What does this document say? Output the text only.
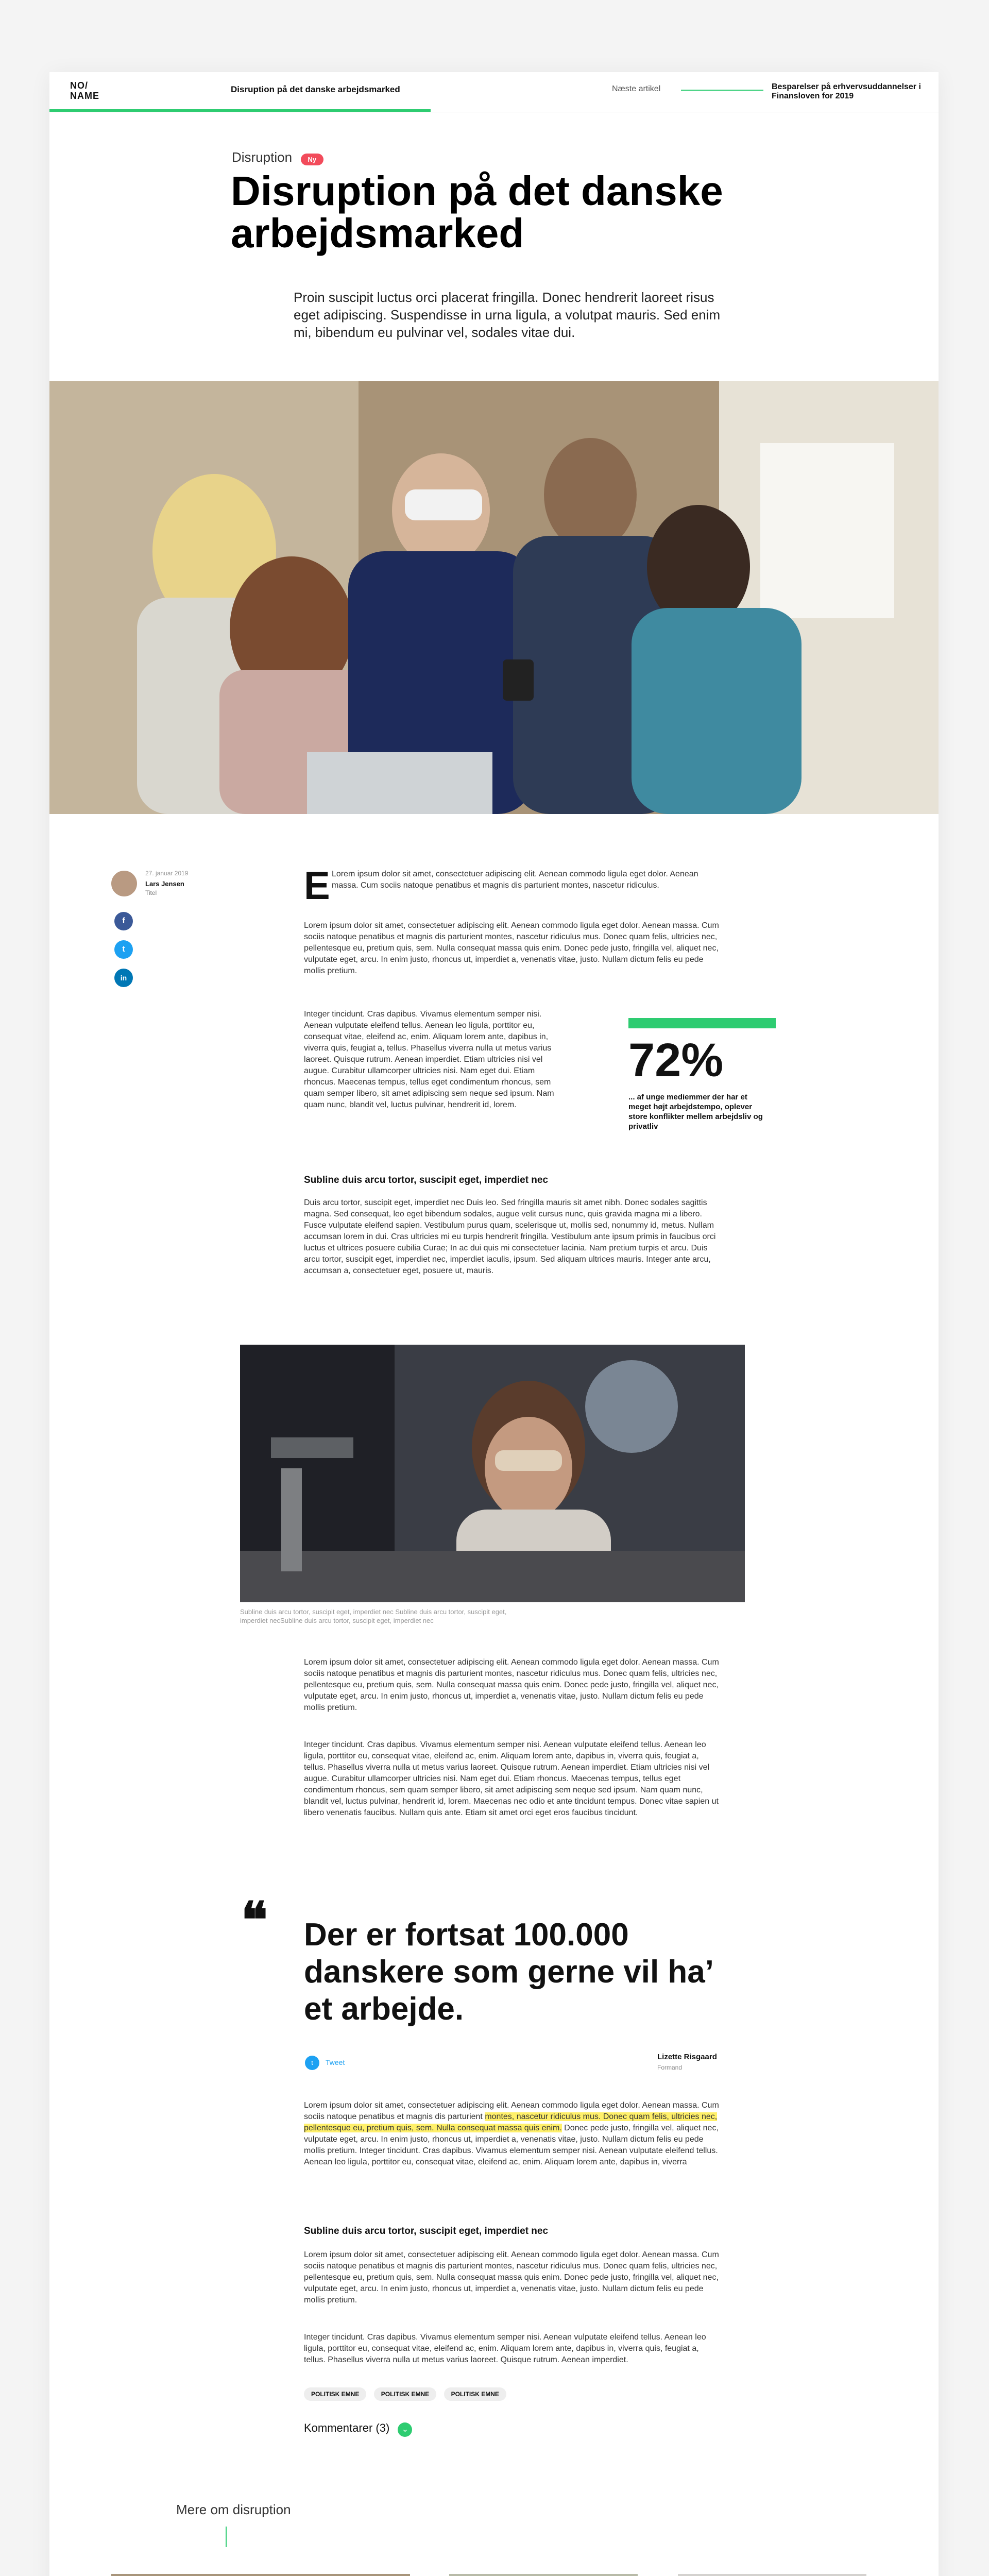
NO/
NAME
Disruption på det danske arbejdsmarked	Næste artikel	Besparelser på erhvervsuddannelser i Finansloven for 2019
Disruption Ny
Disruption på det danske arbejdsmarked

Proin suscipit luctus orci placerat fringilla. Donec hendrerit laoreet risus eget adipiscing. Suspendisse in urna ligula, a volutpat mauris. Sed enim mi, bibendum eu pulvinar vel, sodales vitae dui.

27. januar 2019
Lars Jensen
Titel
f
t
in
E Lorem ipsum dolor sit amet, consectetuer adipiscing elit. Aenean commodo ligula eget dolor. Aenean massa. Cum sociis natoque penatibus et magnis dis parturient montes, nascetur ridiculus.

Lorem ipsum dolor sit amet, consectetuer adipiscing elit. Aenean commodo ligula eget dolor. Aenean massa. Cum sociis natoque penatibus et magnis dis parturient montes, nascetur ridiculus mus. Donec quam felis, ultricies nec, pellentesque eu, pretium quis, sem. Nulla consequat massa quis enim. Donec pede justo, fringilla vel, aliquet nec, vulputate eget, arcu. In enim justo, rhoncus ut, imperdiet a, venenatis vitae, justo. Nullam dictum felis eu pede mollis pretium.

Integer tincidunt. Cras dapibus. Vivamus elementum semper nisi. Aenean vulputate eleifend tellus. Aenean leo ligula, porttitor eu, consequat vitae, eleifend ac, enim. Aliquam lorem ante, dapibus in, viverra quis, feugiat a, tellus. Phasellus viverra nulla ut metus varius laoreet. Quisque rutrum. Aenean imperdiet. Etiam ultricies nisi vel augue. Curabitur ullamcorper ultricies nisi. Nam eget dui. Etiam rhoncus. Maecenas tempus, tellus eget condimentum rhoncus, sem quam semper libero, sit amet adipiscing sem neque sed ipsum. Nam quam nunc, blandit vel, luctus pulvinar, hendrerit id, lorem.

72%
... af unge mediemmer der har et meget højt arbejdstempo, oplever store konflikter mellem arbejdsliv og privatliv
Subline duis arcu tortor, suscipit eget, imperdiet nec

Duis arcu tortor, suscipit eget, imperdiet nec Duis leo. Sed fringilla mauris sit amet nibh. Donec sodales sagittis magna. Sed consequat, leo eget bibendum sodales, augue velit cursus nunc, quis gravida magna mi a libero. Fusce vulputate eleifend sapien. Vestibulum purus quam, scelerisque ut, mollis sed, nonummy id, metus. Nullam accumsan lorem in dui. Cras ultricies mi eu turpis hendrerit fringilla. Vestibulum ante ipsum primis in faucibus orci luctus et ultrices posuere cubilia Curae; In ac dui quis mi consectetuer lacinia. Nam pretium turpis et arcu. Duis arcu tortor, suscipit eget, imperdiet nec, imperdiet iaculis, ipsum. Sed aliquam ultrices mauris. Integer ante arcu, accumsan a, consectetuer eget, posuere ut, mauris.

Subline duis arcu tortor, suscipit eget, imperdiet nec Subline duis arcu tortor, suscipit eget, imperdiet necSubline duis arcu tortor, suscipit eget, imperdiet nec

Lorem ipsum dolor sit amet, consectetuer adipiscing elit. Aenean commodo ligula eget dolor. Aenean massa. Cum sociis natoque penatibus et magnis dis parturient montes, nascetur ridiculus mus. Donec quam felis, ultricies nec, pellentesque eu, pretium quis, sem. Nulla consequat massa quis enim. Donec pede justo, fringilla vel, aliquet nec, vulputate eget, arcu. In enim justo, rhoncus ut, imperdiet a, venenatis vitae, justo. Nullam dictum felis eu pede mollis pretium.

Integer tincidunt. Cras dapibus. Vivamus elementum semper nisi. Aenean vulputate eleifend tellus. Aenean leo ligula, porttitor eu, consequat vitae, eleifend ac, enim. Aliquam lorem ante, dapibus in, viverra quis, feugiat a, tellus. Phasellus viverra nulla ut metus varius laoreet. Quisque rutrum. Aenean imperdiet. Etiam ultricies nisi vel augue. Curabitur ullamcorper ultricies nisi. Nam eget dui. Etiam rhoncus. Maecenas tempus, tellus eget condimentum rhoncus, sem quam semper libero, sit amet adipiscing sem neque sed ipsum. Nam quam nunc, blandit vel, luctus pulvinar, hendrerit id, lorem. Maecenas nec odio et ante tincidunt tempus. Donec vitae sapien ut libero venenatis faucibus. Nullam quis ante. Etiam sit amet orci eget eros faucibus tincidunt.

❝ Der er fortsat 100.000 danskere som gerne vil ha’ et arbejde.
Lizette Risgaard
Formand
t Tweet

Lorem ipsum dolor sit amet, consectetuer adipiscing elit. Aenean commodo ligula eget dolor. Aenean massa. Cum sociis natoque penatibus et magnis dis parturient montes, nascetur ridiculus mus. Donec quam felis, ultricies nec, pellentesque eu, pretium quis, sem. Nulla consequat massa quis enim. Donec pede justo, fringilla vel, aliquet nec, vulputate eget, arcu. In enim justo, rhoncus ut, imperdiet a, venenatis vitae, justo. Nullam dictum felis eu pede mollis pretium. Integer tincidunt. Cras dapibus. Vivamus elementum semper nisi. Aenean vulputate eleifend tellus. Aenean leo ligula, porttitor eu, consequat vitae, eleifend ac, enim. Aliquam lorem ante, dapibus in, viverra

Subline duis arcu tortor, suscipit eget, imperdiet nec

Lorem ipsum dolor sit amet, consectetuer adipiscing elit. Aenean commodo ligula eget dolor. Aenean massa. Cum sociis natoque penatibus et magnis dis parturient montes, nascetur ridiculus mus. Donec quam felis, ultricies nec, pellentesque eu, pretium quis, sem. Nulla consequat massa quis enim. Donec pede justo, fringilla vel, aliquet nec, vulputate eget, arcu. In enim justo, rhoncus ut, imperdiet a, venenatis vitae, justo. Nullam dictum felis eu pede mollis pretium.

Integer tincidunt. Cras dapibus. Vivamus elementum semper nisi. Aenean vulputate eleifend tellus. Aenean leo ligula, porttitor eu, consequat vitae, eleifend ac, enim. Aliquam lorem ante, dapibus in, viverra quis, feugiat a, tellus. Phasellus viverra nulla ut metus varius laoreet. Quisque rutrum. Aenean imperdiet.

POLITISK EMNE	POLITISK EMNE	POLITISK EMNE
Kommentarer (3) ⌄
Mere om disruption
